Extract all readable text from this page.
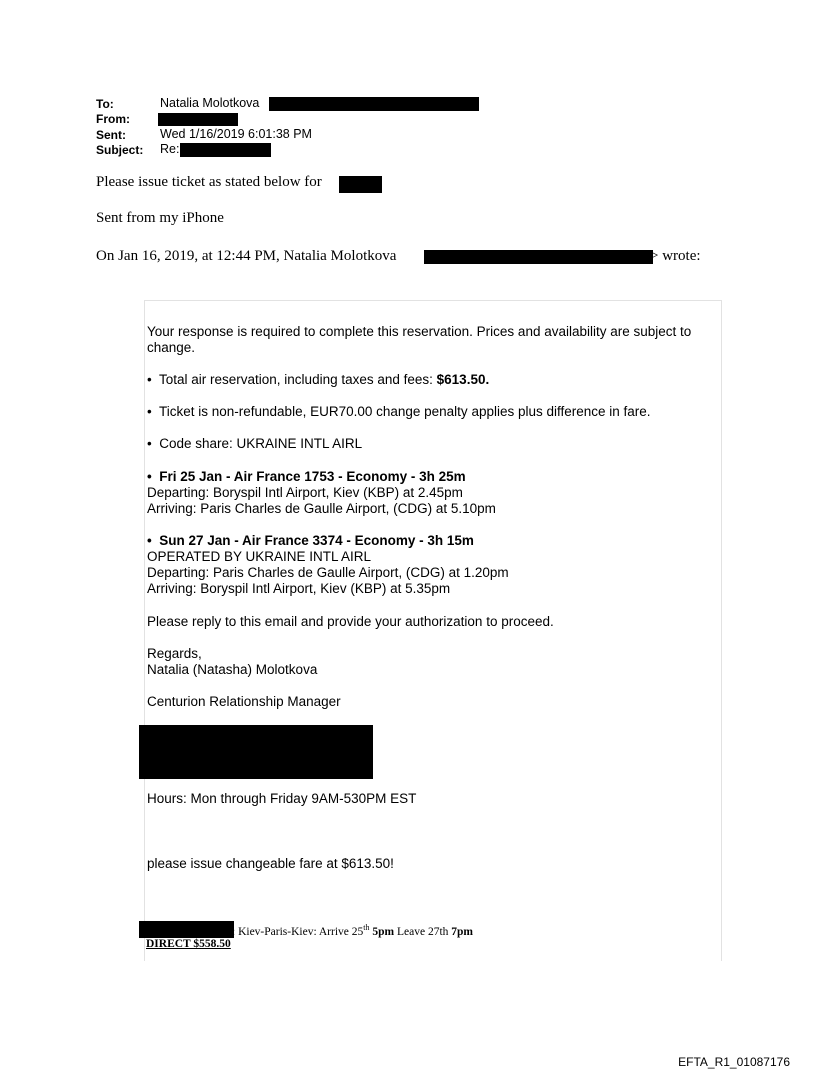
To:	Natalia Molotkova
From:
Sent:	Wed 1/16/2019 6:01:38 PM
Subject: Re:
Please issue ticket as stated below for
Sent from my iPhone
On Jan 16, 2019, at 12:44 PM, Natalia Molotkova	> wrote:
Your response is required to complete this reservation. Prices and availability are subject to
change.
• Total air reservation, including taxes and fees: $613.50.
• Ticket is non-refundable, EUR70.00 change penalty applies plus difference in fare.
• Code share: UKRAINE INTL AIRL
• Fri 25 Jan - Air France 1753 - Economy - 3h 25m
Departing: Boryspil Intl Airport, Kiev (KBP) at 2.45pm
Arriving: Paris Charles de Gaulle Airport, (CDG) at 5.10pm
• Sun 27 Jan - Air France 3374 - Economy - 3h 15m
OPERATED BY UKRAINE INTL AIRL
Departing: Paris Charles de Gaulle Airport, (CDG) at 1.20pm
Arriving: Boryspil Intl Airport, Kiev (KBP) at 5.35pm
Please reply to this email and provide your authorization to proceed.
Regards,
Natalia (Natasha) Molotkova
Centurion Relationship Manager
Hours: Mon through Friday 9AM-530PM EST
please issue changeable fare at $613.50!
: Kiev-Paris-Kiev: Arrive 25th 5pm Leave 27th 7pm
DIRECT $558.50
EFTA_R1_01087176
